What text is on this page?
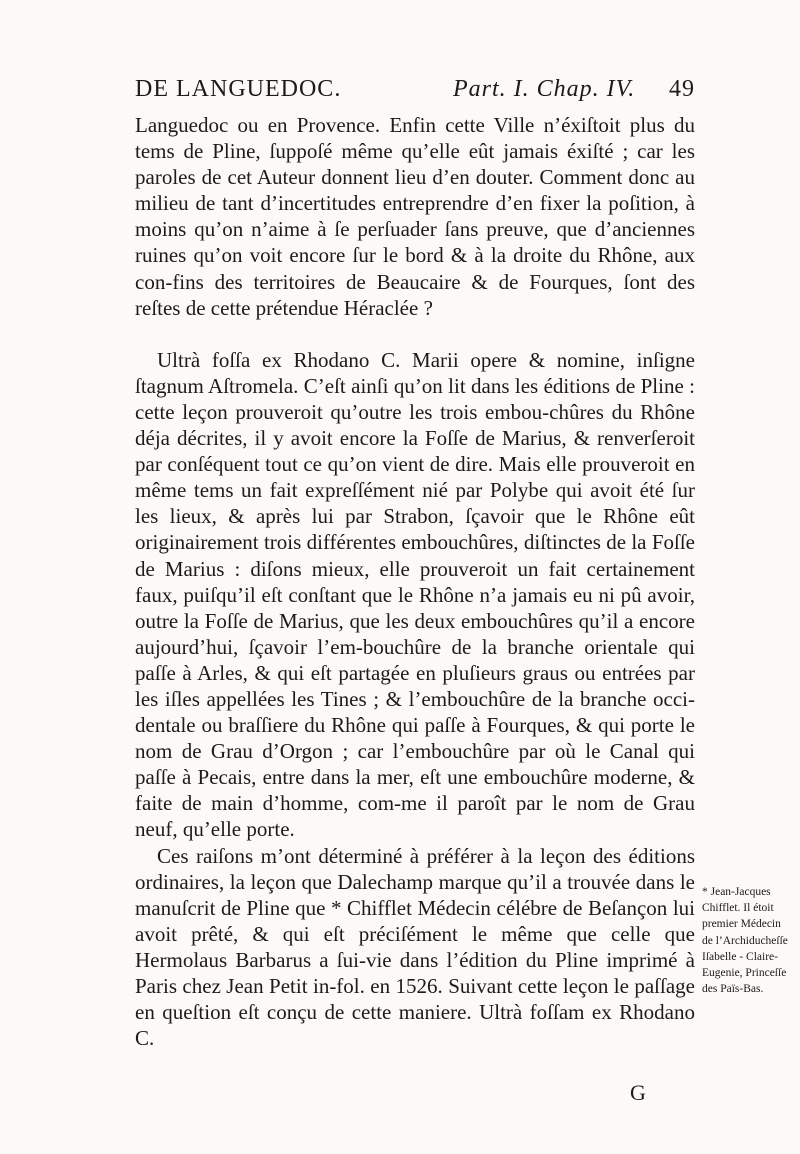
DE LANGUEDOC.	Part. I. Chap. IV. 49

Languedoc ou en Provence. Enfin cette Ville n’éxiſtoit plus du tems de Pline, ſuppoſé même qu’elle eût jamais éxiſté ; car les paroles de cet Auteur donnent lieu d’en douter. Comment donc au milieu de tant d’incertitudes entreprendre d’en fixer la poſition, à moins qu’on n’aime à ſe perſuader ſans preuve, que d’anciennes ruines qu’on voit encore ſur le bord & à la droite du Rhône, aux con-fins des territoires de Beaucaire & de Fourques, ſont des reſtes de cette prétendue Héraclée ?

Ultrà foſſa ex Rhodano C. Marii opere & nomine, inſigne ſtagnum Aſtromela. C’eſt ainſi qu’on lit dans les éditions de Pline : cette leçon prouveroit qu’outre les trois embou-chûres du Rhône déja décrites, il y avoit encore la Foſſe de Marius, & renverſeroit par conſéquent tout ce qu’on vient de dire. Mais elle prouveroit en même tems un fait expreſſément nié par Polybe qui avoit été ſur les lieux, & après lui par Strabon, ſçavoir que le Rhône eût originairement trois différentes embouchûres, diſtinctes de la Foſſe de Marius : diſons mieux, elle prouveroit un fait certainement faux, puiſqu’il eſt conſtant que le Rhône n’a jamais eu ni pû avoir, outre la Foſſe de Marius, que les deux embouchûres qu’il a encore aujourd’hui, ſçavoir l’em-bouchûre de la branche orientale qui paſſe à Arles, & qui eſt partagée en pluſieurs graus ou entrées par les iſles appellées les Tines ; & l’embouchûre de la branche occi-dentale ou braſſiere du Rhône qui paſſe à Fourques, & qui porte le nom de Grau d’Orgon ; car l’embouchûre par où le Canal qui paſſe à Pecais, entre dans la mer, eſt une embouchûre moderne, & faite de main d’homme, com-me il paroît par le nom de Grau neuf, qu’elle porte.

Ces raiſons m’ont déterminé à préférer à la leçon des éditions ordinaires, la leçon que Dalechamp marque qu’il a trouvée dans le manuſcrit de Pline que * Chifflet Médecin célébre de Beſançon lui avoit prêté, & qui eſt préciſément le même que celle que Hermolaus Barbarus a ſui-vie dans l’édition du Pline imprimé à Paris chez Jean Petit in-fol. en 1526. Suivant cette leçon le paſſage en queſtion eſt conçu de cette maniere. Ultrà foſſam ex Rhodano C.

* Jean-Jacques
Chifflet. Il étoit
premier Médecin
de l’Archiducheſſe
Iſabelle - Claire-
Eugenie, Princeſſe
des Païs-Bas.
G
